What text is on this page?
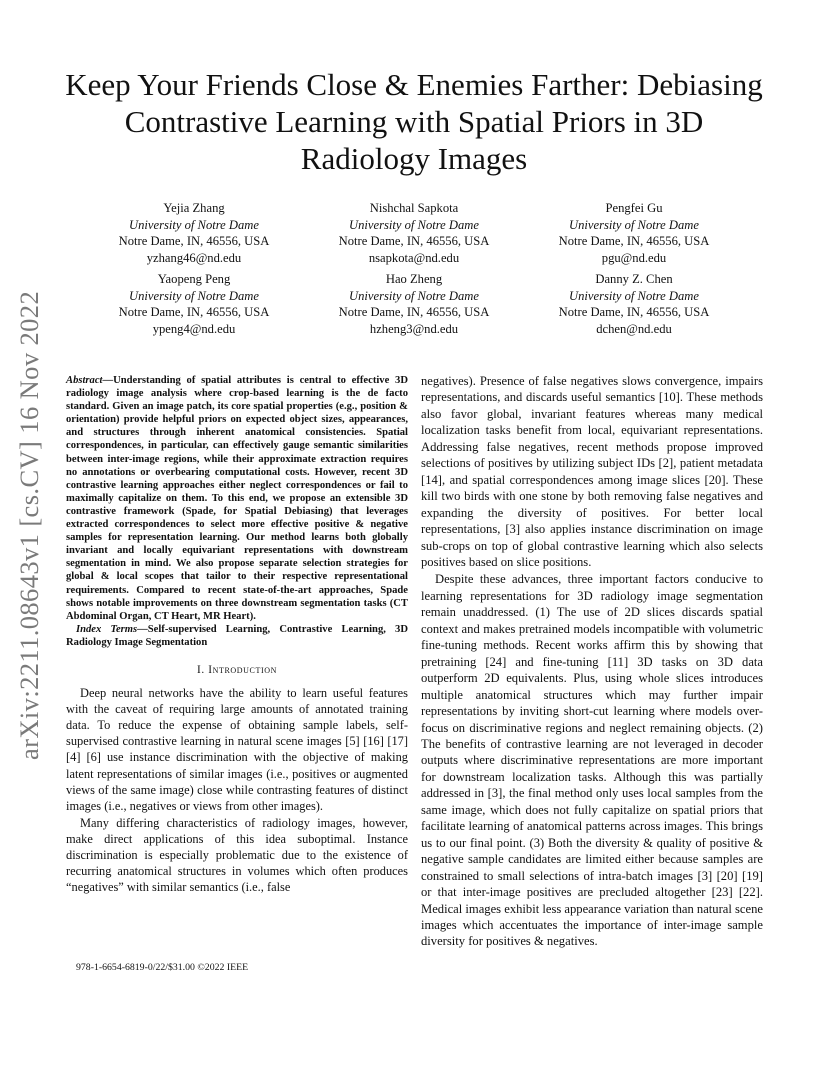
arXiv:2211.08643v1 [cs.CV] 16 Nov 2022
Keep Your Friends Close & Enemies Farther: Debiasing Contrastive Learning with Spatial Priors in 3D Radiology Images
Yejia Zhang
University of Notre Dame
Notre Dame, IN, 46556, USA
yzhang46@nd.edu
Nishchal Sapkota
University of Notre Dame
Notre Dame, IN, 46556, USA
nsapkota@nd.edu
Pengfei Gu
University of Notre Dame
Notre Dame, IN, 46556, USA
pgu@nd.edu
Yaopeng Peng
University of Notre Dame
Notre Dame, IN, 46556, USA
ypeng4@nd.edu
Hao Zheng
University of Notre Dame
Notre Dame, IN, 46556, USA
hzheng3@nd.edu
Danny Z. Chen
University of Notre Dame
Notre Dame, IN, 46556, USA
dchen@nd.edu

Abstract—Understanding of spatial attributes is central to effective 3D radiology image analysis where crop-based learning is the de facto standard. Given an image patch, its core spatial properties (e.g., position & orientation) provide helpful priors on expected object sizes, appearances, and structures through inherent anatomical consistencies. Spatial correspondences, in particular, can effectively gauge semantic similarities between inter-image regions, while their approximate extraction requires no annotations or overbearing computational costs. However, recent 3D contrastive learning approaches either neglect correspondences or fail to maximally capitalize on them. To this end, we propose an extensible 3D contrastive framework (Spade, for Spatial Debiasing) that leverages extracted correspondences to select more effective positive & negative samples for representation learning. Our method learns both globally invariant and locally equivariant representations with downstream segmentation in mind. We also propose separate selection strategies for global & local scopes that tailor to their respective representational requirements. Compared to recent state-of-the-art approaches, Spade shows notable improvements on three downstream segmentation tasks (CT Abdominal Organ, CT Heart, MR Heart).

Index Terms—Self-supervised Learning, Contrastive Learning, 3D Radiology Image Segmentation

I. Introduction

Deep neural networks have the ability to learn useful features with the caveat of requiring large amounts of annotated training data. To reduce the expense of obtaining sample labels, self-supervised contrastive learning in natural scene images [5] [16] [17] [4] [6] use instance discrimination with the objective of making latent representations of similar images (i.e., positives or augmented views of the same image) close while contrasting features of distinct images (i.e., negatives or views from other images).

Many differing characteristics of radiology images, however, make direct applications of this idea suboptimal. Instance discrimination is especially problematic due to the existence of recurring anatomical structures in volumes which often produces “negatives” with similar semantics (i.e., false

negatives). Presence of false negatives slows convergence, impairs representations, and discards useful semantics [10]. These methods also favor global, invariant features whereas many medical localization tasks benefit from local, equivariant representations. Addressing false negatives, recent methods propose improved selections of positives by utilizing subject IDs [2], patient metadata [14], and spatial correspondences among image slices [20]. These kill two birds with one stone by both removing false negatives and expanding the diversity of positives. For better local representations, [3] also applies instance discrimination on image sub-crops on top of global contrastive learning which also selects positives based on slice positions.

Despite these advances, three important factors conducive to learning representations for 3D radiology image segmentation remain unaddressed. (1) The use of 2D slices discards spatial context and makes pretrained models incompatible with volumetric fine-tuning methods. Recent works affirm this by showing that pretraining [24] and fine-tuning [11] 3D tasks on 3D data outperform 2D equivalents. Plus, using whole slices introduces multiple anatomical structures which may further impair representations by inviting short-cut learning where models over-focus on discriminative regions and neglect remaining objects. (2) The benefits of contrastive learning are not leveraged in decoder outputs where discriminative representations are more important for downstream localization tasks. Although this was partially addressed in [3], the final method only uses local samples from the same image, which does not fully capitalize on spatial priors that facilitate learning of anatomical patterns across images. This brings us to our final point. (3) Both the diversity & quality of positive & negative sample candidates are limited either because samples are constrained to small selections of intra-batch images [3] [20] [19] or that inter-image positives are precluded altogether [23] [22]. Medical images exhibit less appearance variation than natural scene images which accentuates the importance of inter-image sample diversity for positives & negatives.

978-1-6654-6819-0/22/$31.00 ©2022 IEEE
